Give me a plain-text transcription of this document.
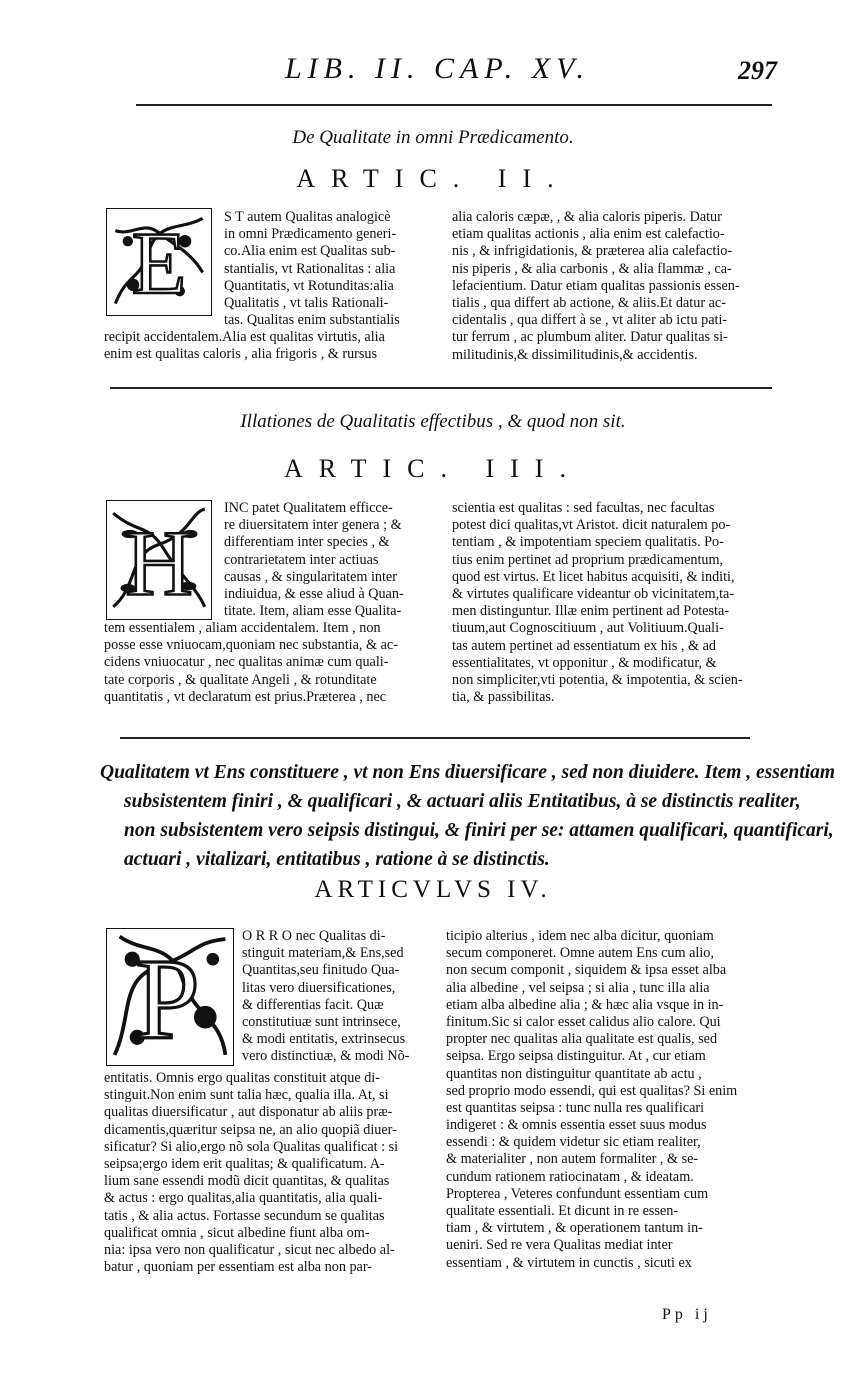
LIB. II. CAP. XV.	297
De Qualitate in omni Prædicamento.
ARTIC. II.
E	S T autem Qualitas analogicè
in omni Prædicamento generi-
co.Alia enim est Qualitas sub-
stantialis, vt Rationalitas : alia
Quantitatis, vt Rotunditas:alia
Qualitatis , vt talis Rationali-
tas. Qualitas enim substantialis
recipit accidentalem.Alia est qualitas virtutis, alia
enim est qualitas caloris , alia frigoris , & rursus
alia caloris cæpæ, , & alia caloris piperis. Datur
etiam qualitas actionis , alia enim est calefactio-
nis , & infrigidationis, & præterea alia calefactio-
nis piperis , & alia carbonis , & alia flammæ , ca-
lefacientium. Datur etiam qualitas passionis essen-
tialis , qua differt ab actione, & aliis.Et datur ac-
cidentalis , qua differt à se , vt aliter ab ictu pati-
tur ferrum , ac plumbum aliter. Datur qualitas si-
militudinis,& dissimilitudinis,& accidentis.
Illationes de Qualitatis effectibus , & quod non sit.
ARTIC. III.
H
INC patet Qualitatem efficce-
re diuersitatem inter genera ; &
differentiam inter species , &
contrarietatem inter actiuas
causas , & singularitatem inter
indiuidua, & esse aliud à Quan-
titate. Item, aliam esse Qualita-
tem essentialem , aliam accidentalem. Item , non
posse esse vniuocam,quoniam nec substantia, & ac-
cidens vniuocatur , nec qualitas animæ cum quali-
tate corporis , & qualitate Angeli , & rotunditate
quantitatis , vt declaratum est prius.Præterea , nec
scientia est qualitas : sed facultas, nec facultas
potest dici qualitas,vt Aristot. dicit naturalem po-
tentiam , & impotentiam speciem qualitatis. Po-
tius enim pertinet ad proprium prædicamentum,
quod est virtus. Et licet habitus acquisiti, & inditi,
& virtutes qualificare videantur ob vicinitatem,ta-
men distinguntur. Illæ enim pertinent ad Potesta-
tiuum,aut Cognoscitiuum , aut Volitiuum.Quali-
tas autem pertinet ad essentiatum ex his , & ad
essentialitates, vt opponitur , & modificatur, &
non simpliciter,vti potentia, & impotentia, & scien-
tia, & passibilitas.
Qualitatem vt Ens constituere , vt non Ens diuersificare , sed non diuidere. Item , essentiam
subsistentem finiri , & qualificari , & actuari aliis Entitatibus, à se distinctis realiter,
non subsistentem vero seipsis distingui, & finiri per se: attamen qualificari, quantificari,
actuari , vitalizari, entitatibus , ratione à se distinctis.
ARTICVLVS IV.
P	O R R O nec Qualitas di-
stinguit materiam,& Ens,sed
Quantitas,seu finitudo Qua-
litas vero diuersificationes,
& differentias facit. Quæ
constitutiuæ sunt intrinsece,
& modi entitatis, extrinsecus
vero distinctiuæ, & modi Nõ-
entitatis. Omnis ergo qualitas constituit atque di-
stinguit.Non enim sunt talia hæc, qualia illa. At, si
qualitas diuersificatur , aut disponatur ab aliis præ-
dicamentis,quæritur seipsa ne, an alio quopiã diuer-
sificatur? Si alio,ergo nõ sola Qualitas qualificat : si
seipsa;ergo idem erit qualitas; & qualificatum. A-
lium sane essendi modũ dicit quantitas, & qualitas
& actus : ergo qualitas,alia quantitatis, alia quali-
tatis , & alia actus. Fortasse secundum se qualitas
qualificat omnia , sicut albedine fiunt alba om-
nia: ipsa vero non qualificatur , sicut nec albedo al-
batur , quoniam per essentiam est alba non par-
ticipio alterius , idem nec alba dicitur, quoniam
secum componeret. Omne autem Ens cum alio,
non secum componit , siquidem & ipsa esset alba
alia albedine , vel seipsa ; si alia , tunc illa alia
etiam alba albedine alia ; & hæc alia vsque in in-
finitum.Sic si calor esset calidus alio calore. Qui
propter nec qualitas alia qualitate est qualis, sed
seipsa. Ergo seipsa distinguitur. At , cur etiam
quantitas non distinguitur quantitate ab actu ,
sed proprio modo essendi, qui est qualitas? Si enim
est quantitas seipsa : tunc nulla res qualificari
indigeret : & omnis essentia esset suus modus
essendi : & quidem videtur sic etiam realiter,
& materialiter , non autem formaliter , & se-
cundum rationem ratiocinatam , & ideatam.
Propterea , Veteres confundunt essentiam cum
qualitate essentiali. Et dicunt in re essen-
tiam , & virtutem , & operationem tantum in-
ueniri. Sed re vera Qualitas mediat inter
essentiam , & virtutem in cunctis , sicuti ex
Pp ij
